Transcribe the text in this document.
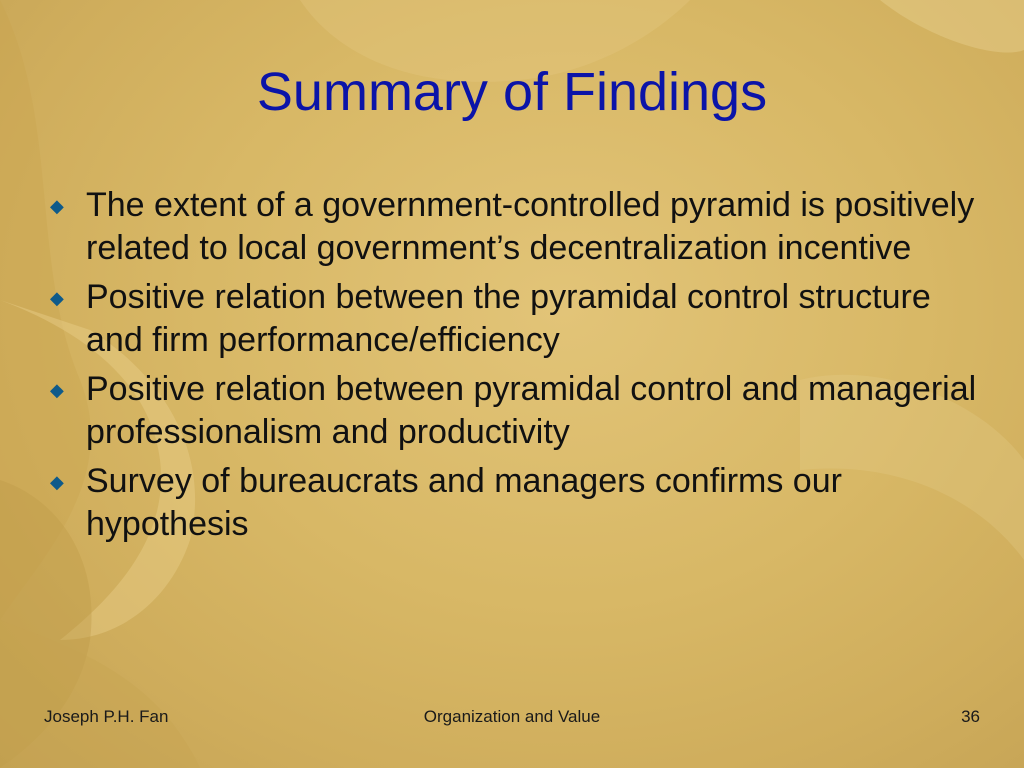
Summary of Findings
◆ The extent of a government-controlled pyramid is positively related to local government’s decentralization incentive
◆ Positive relation between the pyramidal control structure and firm performance/efficiency
◆ Positive relation between pyramidal control and managerial professionalism and productivity
◆ Survey of bureaucrats and managers confirms our hypothesis
Joseph P.H. Fan	Organization and Value	36
